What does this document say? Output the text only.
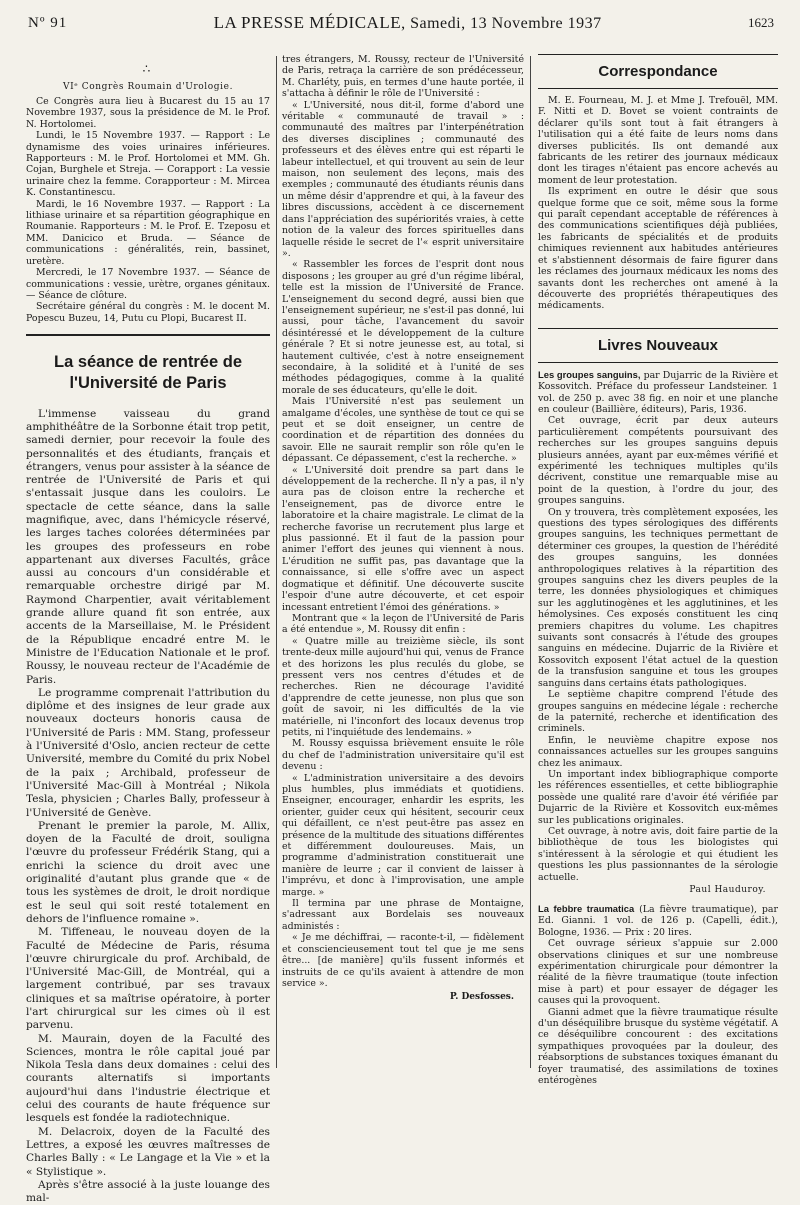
Nº 91	LA PRESSE MÉDICALE, Samedi, 13 Novembre 1937	1623
∴
VIᵉ Congrès Roumain d'Urologie.

Ce Congrès aura lieu à Bucarest du 15 au 17 Novembre 1937, sous la présidence de M. le Prof. N. Hortolomei.

Lundi, le 15 Novembre 1937. — Rapport : Le dynamisme des voies urinaires inférieures. Rapporteurs : M. le Prof. Hortolomei et MM. Gh. Cojan, Burghele et Streja. — Corapport : La vessie urinaire chez la femme. Corapporteur : M. Mircea K. Constantinescu.

Mardi, le 16 Novembre 1937. — Rapport : La lithiase urinaire et sa répartition géographique en Roumanie. Rapporteurs : M. le Prof. E. Tzeposu et MM. Danicico et Bruda. — Séance de communications : généralités, rein, bassinet, uretère.

Mercredi, le 17 Novembre 1937. — Séance de communications : vessie, urètre, organes génitaux. — Séance de clôture.

Secrétaire général du congrès : M. le docent M. Popescu Buzeu, 14, Putu cu Plopi, Bucarest II.

La séance de rentrée de l'Université de Paris

L'immense vaisseau du grand amphithéâtre de la Sorbonne était trop petit, samedi dernier, pour recevoir la foule des personnalités et des étudiants, français et étrangers, venus pour assister à la séance de rentrée de l'Université de Paris et qui s'entassait jusque dans les couloirs. Le spectacle de cette séance, dans la salle magnifique, avec, dans l'hémicycle réservé, les larges taches colorées déterminées par les groupes des professeurs en robe appartenant aux diverses Facultés, grâce aussi au concours d'un considérable et remarquable orchestre dirigé par M. Raymond Charpentier, avait véritablement grande allure quand fit son entrée, aux accents de la Marseillaise, M. le Président de la République encadré entre M. le Ministre de l'Education Nationale et le prof. Roussy, le nouveau recteur de l'Académie de Paris.

Le programme comprenait l'attribution du diplôme et des insignes de leur grade aux nouveaux docteurs honoris causa de l'Université de Paris : MM. Stang, professeur à l'Université d'Oslo, ancien recteur de cette Université, membre du Comité du prix Nobel de la paix ; Archibald, professeur de l'Université Mac-Gill à Montréal ; Nikola Tesla, physicien ; Charles Bally, professeur à l'Université de Genève.

Prenant le premier la parole, M. Allix, doyen de la Faculté de droit, souligna l'œuvre du professeur Frédérik Stang, qui a enrichi la science du droit avec une originalité d'autant plus grande que « de tous les systèmes de droit, le droit nordique est le seul qui soit resté totalement en dehors de l'influence romaine ».

M. Tiffeneau, le nouveau doyen de la Faculté de Médecine de Paris, résuma l'œuvre chirurgicale du prof. Archibald, de l'Université Mac-Gill, de Montréal, qui a largement contribué, par ses travaux cliniques et sa maîtrise opératoire, à porter l'art chirurgical sur les cimes où il est parvenu.

M. Maurain, doyen de la Faculté des Sciences, montra le rôle capital joué par Nikola Tesla dans deux domaines : celui des courants alternatifs si importants aujourd'hui dans l'industrie électrique et celui des courants de haute fréquence sur lesquels est fondée la radiotechnique.

M. Delacroix, doyen de la Faculté des Lettres, a exposé les œuvres maîtresses de Charles Bally : « Le Langage et la Vie » et la « Stylistique ».

Après s'être associé à la juste louange des mal-

tres étrangers, M. Roussy, recteur de l'Université de Paris, retraça la carrière de son prédécesseur, M. Charléty, puis, en termes d'une haute portée, il s'attacha à définir le rôle de l'Université :

« L'Université, nous dit-il, forme d'abord une véritable « communauté de travail » : communauté des maîtres par l'interpénétration des diverses disciplines ; communauté des professeurs et des élèves entre qui est réparti le labeur intellectuel, et qui trouvent au sein de leur maison, non seulement des leçons, mais des exemples ; communauté des étudiants réunis dans un même désir d'apprendre et qui, à la faveur des libres discussions, accèdent à ce discernement dans l'appréciation des supériorités vraies, à cette notion de la valeur des forces spirituelles dans laquelle réside le secret de l'« esprit universitaire ».

« Rassembler les forces de l'esprit dont nous disposons ; les grouper au gré d'un régime libéral, telle est la mission de l'Université de France. L'enseignement du second degré, aussi bien que l'enseignement supérieur, ne s'est-il pas donné, lui aussi, pour tâche, l'avancement du savoir désintéressé et le développement de la culture générale ? Et si notre jeunesse est, au total, si hautement cultivée, c'est à notre enseignement secondaire, à la solidité et à l'unité de ses méthodes pédagogiques, comme à la qualité morale de ses éducateurs, qu'elle le doit.

Mais l'Université n'est pas seulement un amalgame d'écoles, une synthèse de tout ce qui se peut et se doit enseigner, un centre de coordination et de répartition des données du savoir. Elle ne saurait remplir son rôle qu'en le dépassant. Ce dépassement, c'est la recherche. »

« L'Université doit prendre sa part dans le développement de la recherche. Il n'y a pas, il n'y aura pas de cloison entre la recherche et l'enseignement, pas de divorce entre le laboratoire et la chaire magistrale. Le climat de la recherche favorise un recrutement plus large et plus passionné. Et il faut de la passion pour animer l'effort des jeunes qui viennent à nous. L'érudition ne suffit pas, pas davantage que la connaissance, si elle s'offre avec un aspect dogmatique et définitif. Une découverte suscite l'espoir d'une autre découverte, et cet espoir incessant entretient l'émoi des générations. »

Montrant que « la leçon de l'Université de Paris a été entendue », M. Roussy dit enfin :

« Quatre mille au treizième siècle, ils sont trente-deux mille aujourd'hui qui, venus de France et des horizons les plus reculés du globe, se pressent vers nos centres d'études et de recherches. Rien ne décourage l'avidité d'apprendre de cette jeunesse, non plus que son goût de savoir, ni les difficultés de la vie matérielle, ni l'inconfort des locaux devenus trop petits, ni l'inquiétude des lendemains. »

M. Roussy esquissa brièvement ensuite le rôle du chef de l'administration universitaire qu'il est devenu :

« L'administration universitaire a des devoirs plus humbles, plus immédiats et quotidiens. Enseigner, encourager, enhardir les esprits, les orienter, guider ceux qui hésitent, secourir ceux qui défaillent, ce n'est peut-être pas assez en présence de la multitude des situations différentes et différemment douloureuses. Mais, un programme d'administration constituerait une manière de leurre ; car il convient de laisser à l'imprévu, et donc à l'improvisation, une ample marge. »

Il termina par une phrase de Montaigne, s'adressant aux Bordelais ses nouveaux administés :

« Je me déchiffrai, — raconte-t-il, — fidèlement et consciencieusement tout tel que je me sens être... [de manière] qu'ils fussent informés et instruits de ce qu'ils avaient à attendre de mon service ».

P. Desfosses.
Correspondance

M. E. Fourneau, M. J. et Mme J. Trefouël, MM. F. Nitti et D. Bovet se voient contraints de déclarer qu'ils sont tout à fait étrangers à l'utilisation qui a été faite de leurs noms dans diverses publicités. Ils ont demandé aux fabricants de les retirer des journaux médicaux dont les tirages n'étaient pas encore achevés au moment de leur protestation.

Ils expriment en outre le désir que sous quelque forme que ce soit, même sous la forme qui paraît cependant acceptable de références à des communications scientifiques déjà publiées, les fabricants de spécialités et de produits chimiques reviennent aux habitudes antérieures et s'abstiennent désormais de faire figurer dans les réclames des journaux médicaux les noms des savants dont les recherches ont amené à la découverte des propriétés thérapeutiques des médicaments.

Livres Nouveaux

Les groupes sanguins, par Dujarric de la Rivière et Kossovitch. Préface du professeur Landsteiner. 1 vol. de 250 p. avec 38 fig. en noir et une planche en couleur (Baillière, éditeurs), Paris, 1936.

Cet ouvrage, écrit par deux auteurs particulièrement compétents poursuivant des recherches sur les groupes sanguins depuis plusieurs années, ayant par eux-mêmes vérifié et expérimenté les techniques multiples qu'ils décrivent, constitue une remarquable mise au point de la question, à l'ordre du jour, des groupes sanguins.

On y trouvera, très complètement exposées, les questions des types sérologiques des différents groupes sanguins, les techniques permettant de déterminer ces groupes, la question de l'hérédité des groupes sanguins, les données anthropologiques relatives à la répartition des groupes sanguins chez les divers peuples de la terre, les données physiologiques et chimiques sur les agglutinogènes et les agglutinines, et les hémolysines. Ces exposés constituent les cinq premiers chapitres du volume. Les chapitres suivants sont consacrés à l'étude des groupes sanguins en médecine. Dujarric de la Rivière et Kossovitch exposent l'état actuel de la question de la transfusion sanguine et tous les groupes sanguins dans certains états pathologiques.

Le septième chapitre comprend l'étude des groupes sanguins en médecine légale : recherche de la paternité, recherche et identification des criminels.

Enfin, le neuvième chapitre expose nos connaissances actuelles sur les groupes sanguins chez les animaux.

Un important index bibliographique comporte les références essentielles, et cette bibliographie possède une qualité rare d'avoir été vérifiée par Dujarric de la Rivière et Kossovitch eux-mêmes sur les publications originales.

Cet ouvrage, à notre avis, doit faire partie de la bibliothèque de tous les biologistes qui s'intéressent à la sérologie et qui étudient les questions les plus passionnantes de la sérologie actuelle.

Paul Hauduroy.

La febbre traumatica (La fièvre traumatique), par Ed. Gianni. 1 vol. de 126 p. (Capelli, édit.), Bologne, 1936. — Prix : 20 lires.

Cet ouvrage sérieux s'appuie sur 2.000 observations cliniques et sur une nombreuse expérimentation chirurgicale pour démontrer la réalité de la fièvre traumatique (toute infection mise à part) et pour essayer de dégager les causes qui la provoquent.

Gianni admet que la fièvre traumatique résulte d'un déséquilibre brusque du système végétatif. A ce déséquilibre concourent : des excitations sympathiques provoquées par la douleur, des réabsorptions de substances toxiques émanant du foyer traumatisé, des assimilations de toxines entérogènes
